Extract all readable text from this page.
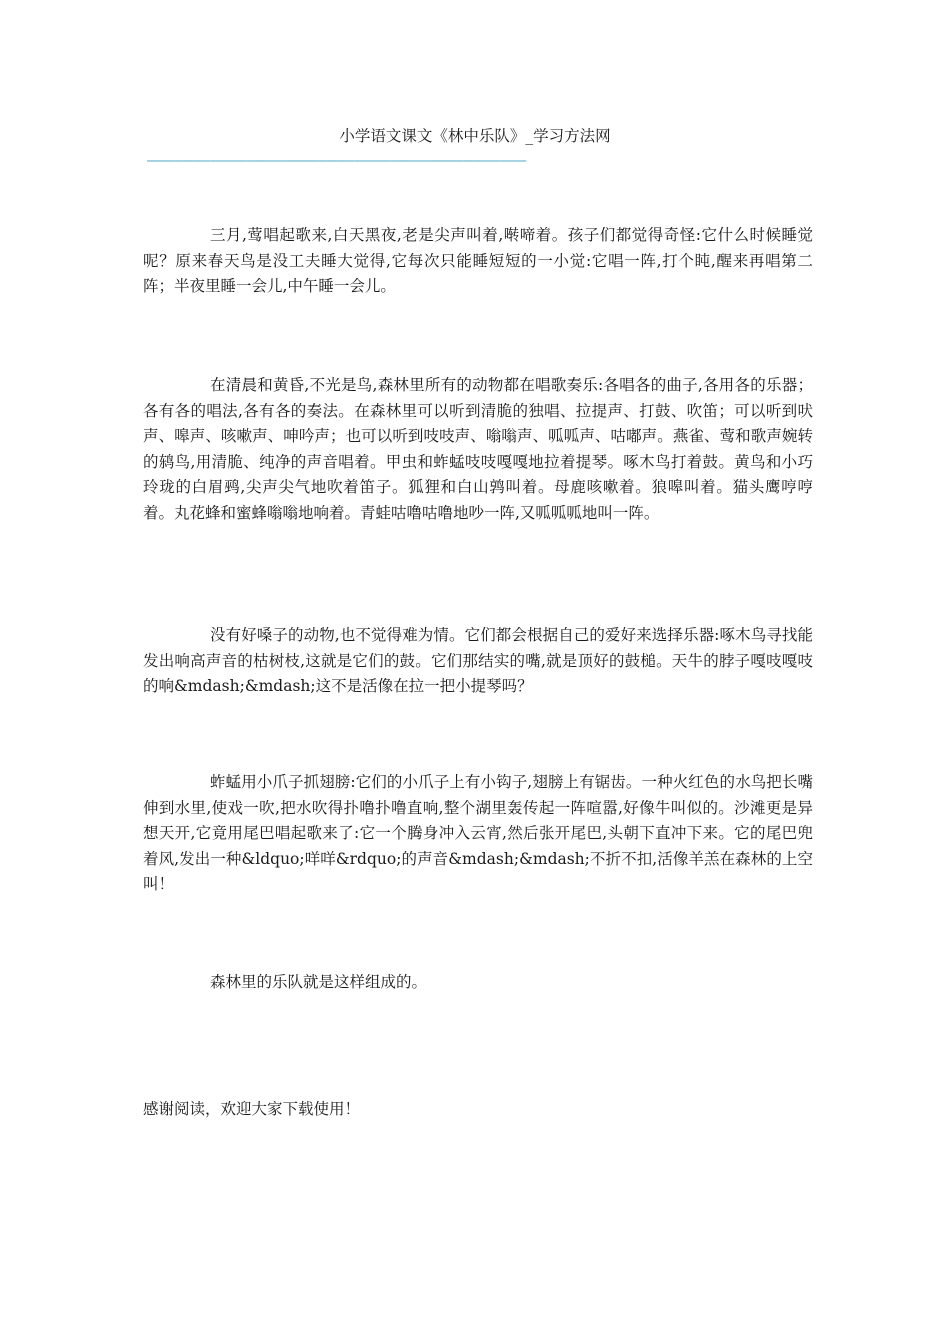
小学语文课文《林中乐队》_学习方法网
——————————————————————————————————————————

三月,莺唱起歌来,白天黑夜,老是尖声叫着,啭啼着。孩子们都觉得奇怪:它什么时候睡觉呢？原来春天鸟是没工夫睡大觉得,它每次只能睡短短的一小觉:它唱一阵,打个盹,醒来再唱第二阵；半夜里睡一会儿,中午睡一会儿。

在清晨和黄昏,不光是鸟,森林里所有的动物都在唱歌奏乐:各唱各的曲子,各用各的乐器；各有各的唱法,各有各的奏法。在森林里可以听到清脆的独唱、拉提声、打鼓、吹笛；可以听到吠声、嗥声、咳嗽声、呻吟声；也可以听到吱吱声、嗡嗡声、呱呱声、咕嘟声。燕雀、莺和歌声婉转的鸫鸟,用清脆、纯净的声音唱着。甲虫和蚱蜢吱吱嘎嘎地拉着提琴。啄木鸟打着鼓。黄鸟和小巧玲珑的白眉鹀,尖声尖气地吹着笛子。狐狸和白山鹑叫着。母鹿咳嗽着。狼嗥叫着。猫头鹰哼哼着。丸花蜂和蜜蜂嗡嗡地响着。青蛙咕噜咕噜地吵一阵,又呱呱呱地叫一阵。

没有好嗓子的动物,也不觉得难为情。它们都会根据自己的爱好来选择乐器:啄木鸟寻找能发出响高声音的枯树枝,这就是它们的鼓。它们那结实的嘴,就是顶好的鼓槌。天牛的脖子嘎吱嘎吱的响&mdash;&mdash;这不是活像在拉一把小提琴吗？

蚱蜢用小爪子抓翅膀:它们的小爪子上有小钩子,翅膀上有锯齿。一种火红色的水鸟把长嘴伸到水里,使戏一吹,把水吹得扑噜扑噜直响,整个湖里轰传起一阵喧嚣,好像牛叫似的。沙滩更是异想天开,它竟用尾巴唱起歌来了:它一个腾身冲入云宵,然后张开尾巴,头朝下直冲下来。它的尾巴兜着风,发出一种&ldquo;咩咩&rdquo;的声音&mdash;&mdash;不折不扣,活像羊羔在森林的上空叫！

森林里的乐队就是这样组成的。

感谢阅读，欢迎大家下载使用！
